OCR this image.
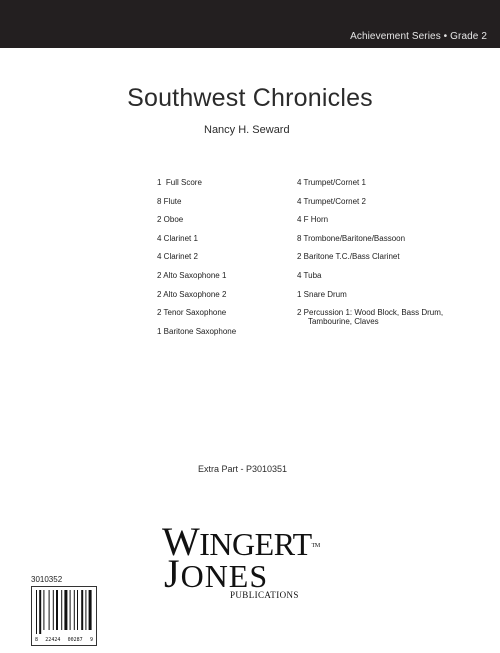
Achievement Series • Grade 2
Southwest Chronicles
Nancy H. Seward
1  Full Score
8 Flute
2 Oboe
4 Clarinet 1
4 Clarinet 2
2 Alto Saxophone 1
2 Alto Saxophone 2
2 Tenor Saxophone
1 Baritone Saxophone
4 Trumpet/Cornet 1
4 Trumpet/Cornet 2
4 F Horn
8 Trombone/Baritone/Bassoon
2 Baritone T.C./Bass Clarinet
4 Tuba
1 Snare Drum
2 Percussion 1: Wood Block, Bass Drum,
Tambourine, Claves
Extra Part - P3010351
WINGERT™
JONES
PUBLICATIONS
3010352
8 22424 00287 9
